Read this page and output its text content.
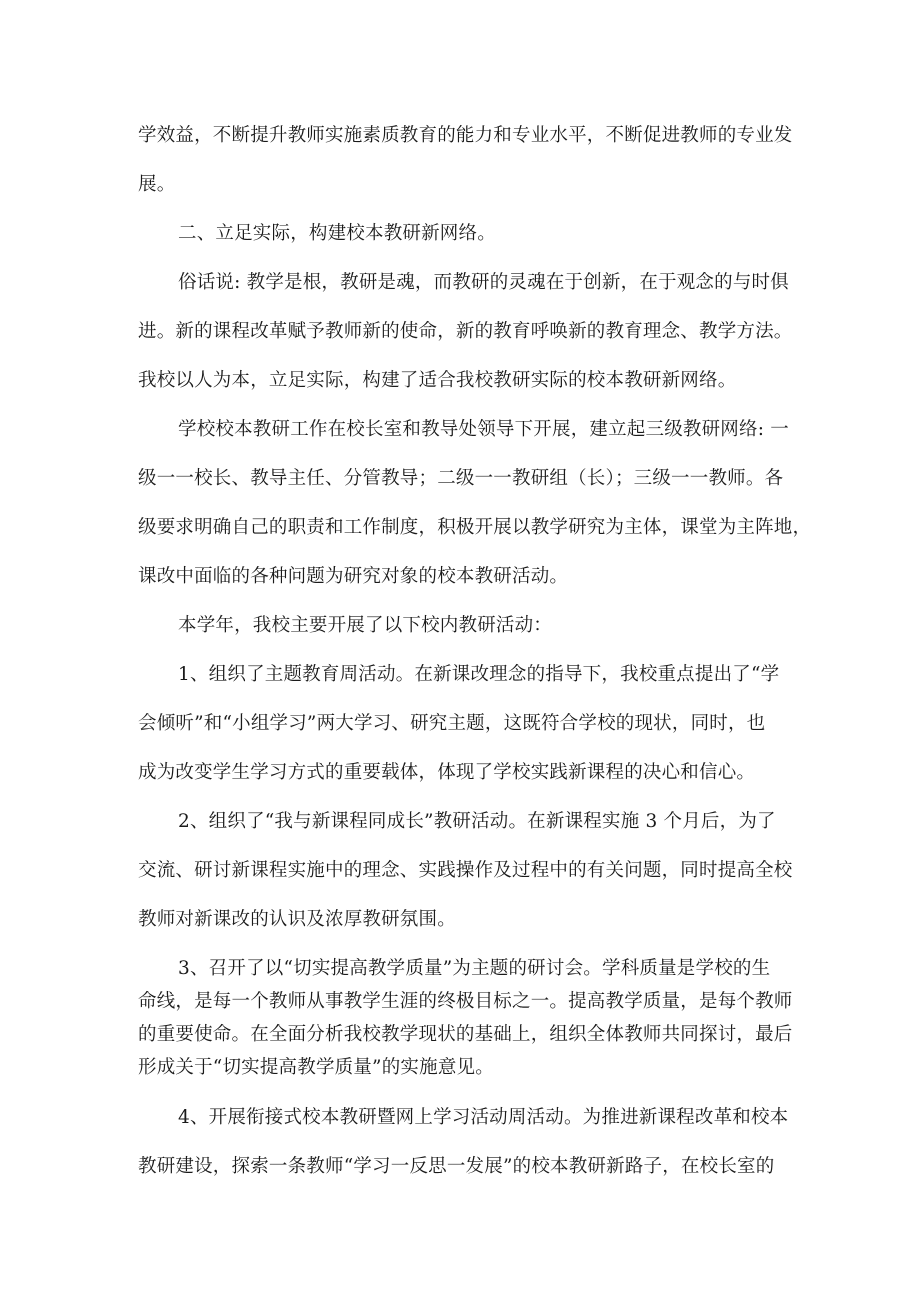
学效益，不断提升教师实施素质教育的能力和专业水平，不断促进教师的专业发
展。
二、立足实际，构建校本教研新网络。
俗话说: 教学是根，教研是魂，而教研的灵魂在于创新，在于观念的与时俱
进。新的课程改革赋予教师新的使命，新的教育呼唤新的教育理念、教学方法。
我校以人为本，立足实际，构建了适合我校教研实际的校本教研新网络。
学校校本教研工作在校长室和教导处领导下开展，建立起三级教研网络: 一
级一一校长、教导主任、分管教导；二级一一教研组（长）；三级一一教师。各
级要求明确自己的职责和工作制度，积极开展以教学研究为主体，课堂为主阵地，
课改中面临的各种问题为研究对象的校本教研活动。
本学年，我校主要开展了以下校内教研活动：
1、组织了主题教育周活动。在新课改理念的指导下，我校重点提出了“学
会倾听”和“小组学习”两大学习、研究主题，这既符合学校的现状，同时，也
成为改变学生学习方式的重要载体，体现了学校实践新课程的决心和信心。
2、组织了“我与新课程同成长”教研活动。在新课程实施 3 个月后，为了
交流、研讨新课程实施中的理念、实践操作及过程中的有关问题，同时提高全校
教师对新课改的认识及浓厚教研氛围。
3、召开了以“切实提高教学质量”为主题的研讨会。学科质量是学校的生
命线，是每一个教师从事教学生涯的终极目标之一。提高教学质量，是每个教师
的重要使命。在全面分析我校教学现状的基础上，组织全体教师共同探讨，最后
形成关于“切实提高教学质量”的实施意见。
4、开展衔接式校本教研暨网上学习活动周活动。为推进新课程改革和校本
教研建设，探索一条教师“学习一反思一发展”的校本教研新路子，在校长室的
